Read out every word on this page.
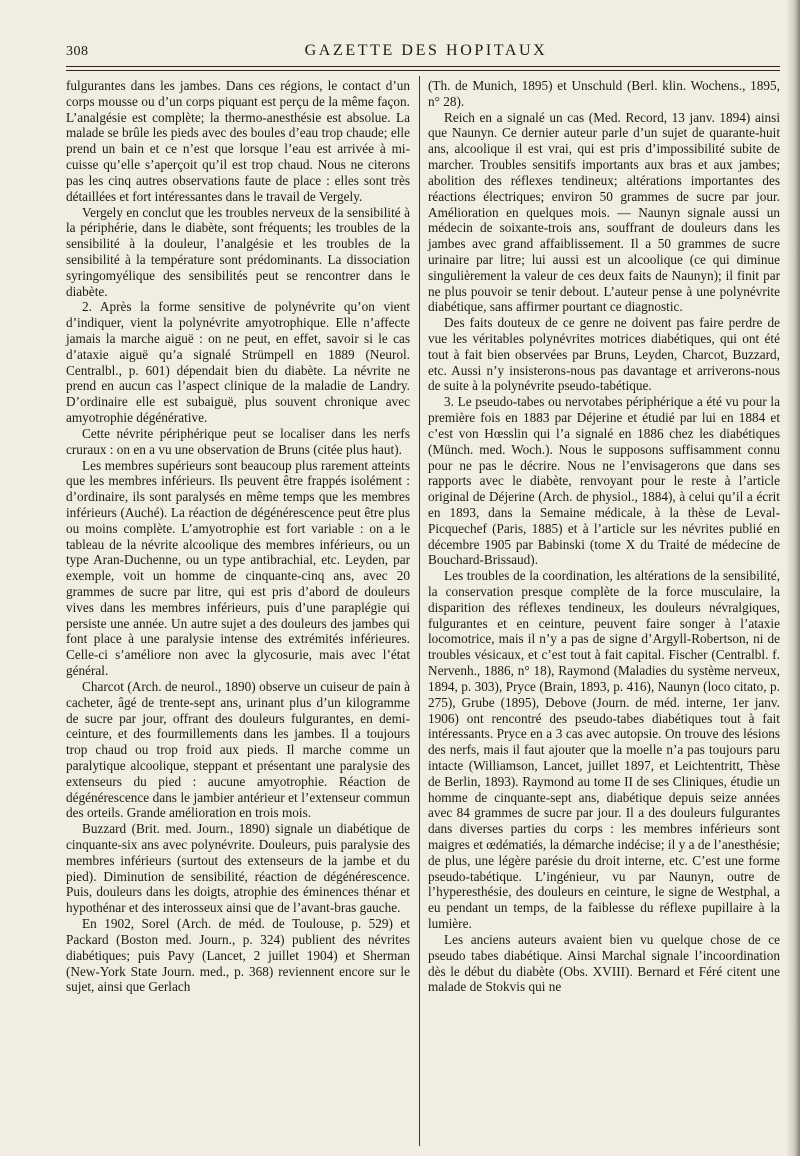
308	GAZETTE DES HOPITAUX

fulgurantes dans les jambes. Dans ces régions, le contact d’un corps mousse ou d’un corps piquant est perçu de la même façon. L’analgésie est complète; la thermo-anesthésie est absolue. La malade se brûle les pieds avec des boules d’eau trop chaude; elle prend un bain et ce n’est que lorsque l’eau est arrivée à mi-cuisse qu’elle s’aperçoit qu’il est trop chaud. Nous ne citerons pas les cinq autres observations faute de place : elles sont très détaillées et fort intéressantes dans le travail de Vergely.

Vergely en conclut que les troubles nerveux de la sensibilité à la périphérie, dans le diabète, sont fréquents; les troubles de la sensibilité à la douleur, l’analgésie et les troubles de la sensibilité à la température sont prédominants. La dissociation syringomyélique des sensibilités peut se rencontrer dans le diabète.

2. Après la forme sensitive de polynévrite qu’on vient d’indiquer, vient la polynévrite amyotrophique. Elle n’affecte jamais la marche aiguë : on ne peut, en effet, savoir si le cas d’ataxie aiguë qu’a signalé Strümpell en 1889 (Neurol. Centralbl., p. 601) dépendait bien du diabète. La névrite ne prend en aucun cas l’aspect clinique de la maladie de Landry. D’ordinaire elle est subaiguë, plus souvent chronique avec amyotrophie dégénérative.

Cette névrite périphérique peut se localiser dans les nerfs cruraux : on en a vu une observation de Bruns (citée plus haut).

Les membres supérieurs sont beaucoup plus rarement atteints que les membres inférieurs. Ils peuvent être frappés isolément : d’ordinaire, ils sont paralysés en même temps que les membres inférieurs (Auché). La réaction de dégénérescence peut être plus ou moins complète. L’amyotrophie est fort variable : on a le tableau de la névrite alcoolique des membres inférieurs, ou un type Aran-Duchenne, ou un type antibrachial, etc. Leyden, par exemple, voit un homme de cinquante-cinq ans, avec 20 grammes de sucre par litre, qui est pris d’abord de douleurs vives dans les membres inférieurs, puis d’une paraplégie qui persiste une année. Un autre sujet a des douleurs des jambes qui font place à une paralysie intense des extrémités inférieures. Celle-ci s’améliore non avec la glycosurie, mais avec l’état général.

Charcot (Arch. de neurol., 1890) observe un cuiseur de pain à cacheter, âgé de trente-sept ans, urinant plus d’un kilogramme de sucre par jour, offrant des douleurs fulgurantes, en demi-ceinture, et des fourmillements dans les jambes. Il a toujours trop chaud ou trop froid aux pieds. Il marche comme un paralytique alcoolique, steppant et présentant une paralysie des extenseurs du pied : aucune amyotrophie. Réaction de dégénérescence dans le jambier antérieur et l’extenseur commun des orteils. Grande amélioration en trois mois.

Buzzard (Brit. med. Journ., 1890) signale un diabétique de cinquante-six ans avec polynévrite. Douleurs, puis paralysie des membres inférieurs (surtout des extenseurs de la jambe et du pied). Diminution de sensibilité, réaction de dégénérescence. Puis, douleurs dans les doigts, atrophie des éminences thénar et hypothénar et des interosseux ainsi que de l’avant-bras gauche.

En 1902, Sorel (Arch. de méd. de Toulouse, p. 529) et Packard (Boston med. Journ., p. 324) publient des névrites diabétiques; puis Pavy (Lancet, 2 juillet 1904) et Sherman (New-York State Journ. med., p. 368) reviennent encore sur le sujet, ainsi que Gerlach

(Th. de Munich, 1895) et Unschuld (Berl. klin. Wochens., 1895, n° 28).

Reich en a signalé un cas (Med. Record, 13 janv. 1894) ainsi que Naunyn. Ce dernier auteur parle d’un sujet de quarante-huit ans, alcoolique il est vrai, qui est pris d’impossibilité subite de marcher. Troubles sensitifs importants aux bras et aux jambes; abolition des réflexes tendineux; altérations importantes des réactions électriques; environ 50 grammes de sucre par jour. Amélioration en quelques mois. — Naunyn signale aussi un médecin de soixante-trois ans, souffrant de douleurs dans les jambes avec grand affaiblissement. Il a 50 grammes de sucre urinaire par litre; lui aussi est un alcoolique (ce qui diminue singulièrement la valeur de ces deux faits de Naunyn); il finit par ne plus pouvoir se tenir debout. L’auteur pense à une polynévrite diabétique, sans affirmer pourtant ce diagnostic.

Des faits douteux de ce genre ne doivent pas faire perdre de vue les véritables polynévrites motrices diabétiques, qui ont été tout à fait bien observées par Bruns, Leyden, Charcot, Buzzard, etc. Aussi n’y insisterons-nous pas davantage et arriverons-nous de suite à la polynévrite pseudo-tabétique.

3. Le pseudo-tabes ou nervotabes périphérique a été vu pour la première fois en 1883 par Déjerine et étudié par lui en 1884 et c’est von Hœsslin qui l’a signalé en 1886 chez les diabétiques (Münch. med. Woch.). Nous le supposons suffisamment connu pour ne pas le décrire. Nous ne l’envisagerons que dans ses rapports avec le diabète, renvoyant pour le reste à l’article original de Déjerine (Arch. de physiol., 1884), à celui qu’il a écrit en 1893, dans la Semaine médicale, à la thèse de Leval-Picquechef (Paris, 1885) et à l’article sur les névrites publié en décembre 1905 par Babinski (tome X du Traité de médecine de Bouchard-Brissaud).

Les troubles de la coordination, les altérations de la sensibilité, la conservation presque complète de la force musculaire, la disparition des réflexes tendineux, les douleurs névralgiques, fulgurantes et en ceinture, peuvent faire songer à l’ataxie locomotrice, mais il n’y a pas de signe d’Argyll-Robertson, ni de troubles vésicaux, et c’est tout à fait capital. Fischer (Centralbl. f. Nervenh., 1886, n° 18), Raymond (Maladies du système nerveux, 1894, p. 303), Pryce (Brain, 1893, p. 416), Naunyn (loco citato, p. 275), Grube (1895), Debove (Journ. de méd. interne, 1er janv. 1906) ont rencontré des pseudo-tabes diabétiques tout à fait intéressants. Pryce en a 3 cas avec autopsie. On trouve des lésions des nerfs, mais il faut ajouter que la moelle n’a pas toujours paru intacte (Williamson, Lancet, juillet 1897, et Leichtentritt, Thèse de Berlin, 1893). Raymond au tome II de ses Cliniques, étudie un homme de cinquante-sept ans, diabétique depuis seize années avec 84 grammes de sucre par jour. Il a des douleurs fulgurantes dans diverses parties du corps : les membres inférieurs sont maigres et œdématiés, la démarche indécise; il y a de l’anesthésie; de plus, une légère parésie du droit interne, etc. C’est une forme pseudo-tabétique. L’ingénieur, vu par Naunyn, outre de l’hyperesthésie, des douleurs en ceinture, le signe de Westphal, a eu pendant un temps, de la faiblesse du réflexe pupillaire à la lumière.

Les anciens auteurs avaient bien vu quelque chose de ce pseudo tabes diabétique. Ainsi Marchal signale l’incoordination dès le début du diabète (Obs. XVIII). Bernard et Féré citent une malade de Stokvis qui ne
